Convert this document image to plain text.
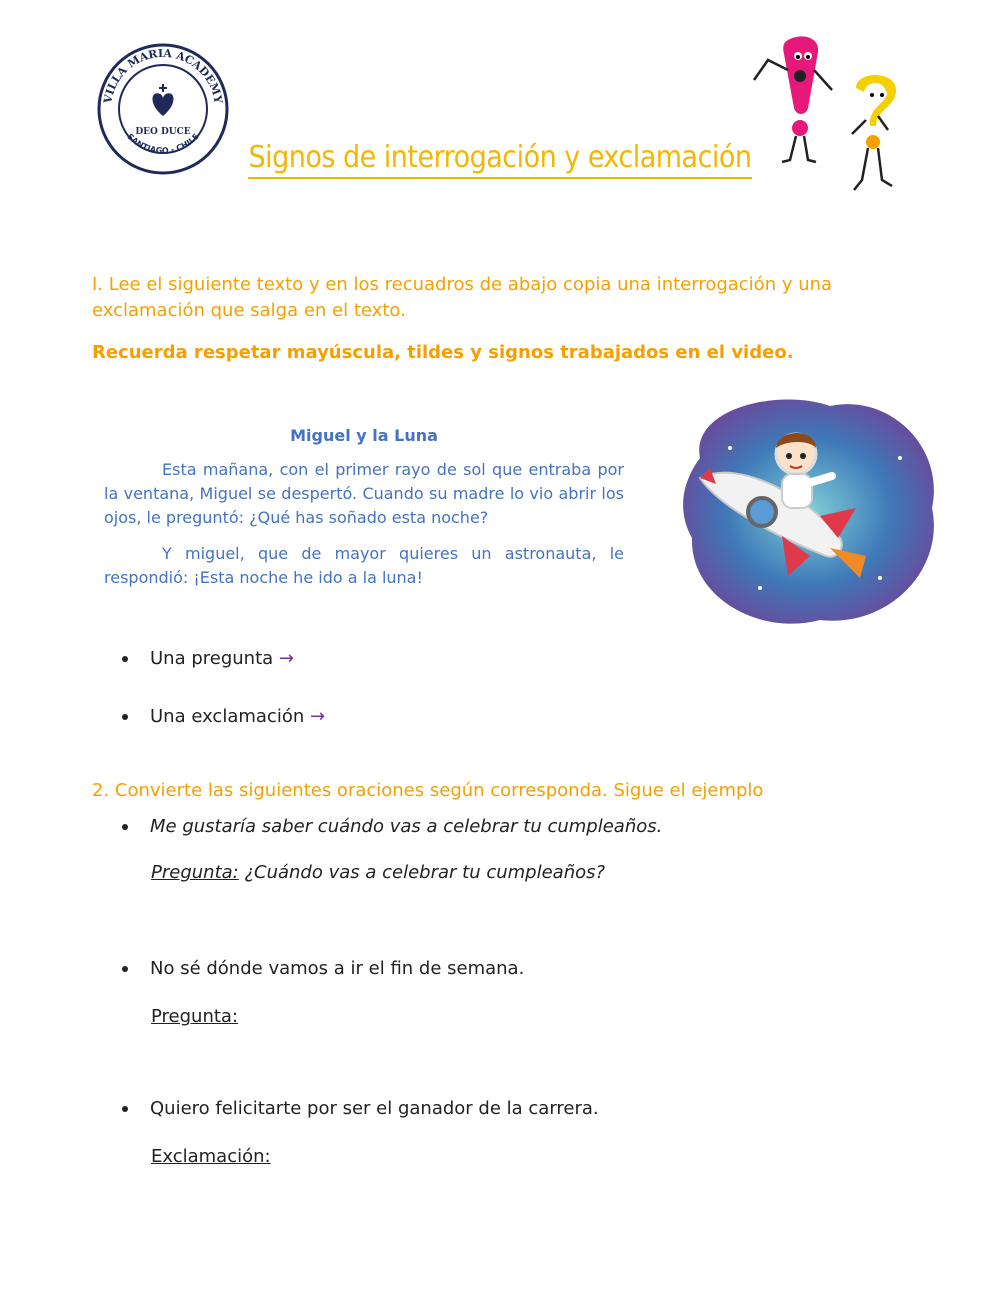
VILLA MARIA ACADEMY
SANTIAGO - CHILE
DEO DUCE
Signos de interrogación y exclamación
I. Lee el siguiente texto y en los recuadros de abajo copia una interrogación y una exclamación que salga en el texto.
Recuerda respetar mayúscula, tildes y signos trabajados en el video.
Miguel y la Luna
Esta mañana, con el primer rayo de sol que entraba por la ventana, Miguel se despertó. Cuando su madre lo vio abrir los ojos, le preguntó: ¿Qué has soñado esta noche?
Y miguel, que de mayor quieres un astronauta, le respondió: ¡Esta noche he ido a la luna!
Una pregunta →
Una exclamación →
2. Convierte las siguientes oraciones según corresponda. Sigue el ejemplo
Me gustaría saber cuándo vas a celebrar tu cumpleaños.
Pregunta: ¿Cuándo vas a celebrar tu cumpleaños?
No sé dónde vamos a ir el fin de semana.
Pregunta:
Quiero felicitarte por ser el ganador de la carrera.
Exclamación:
